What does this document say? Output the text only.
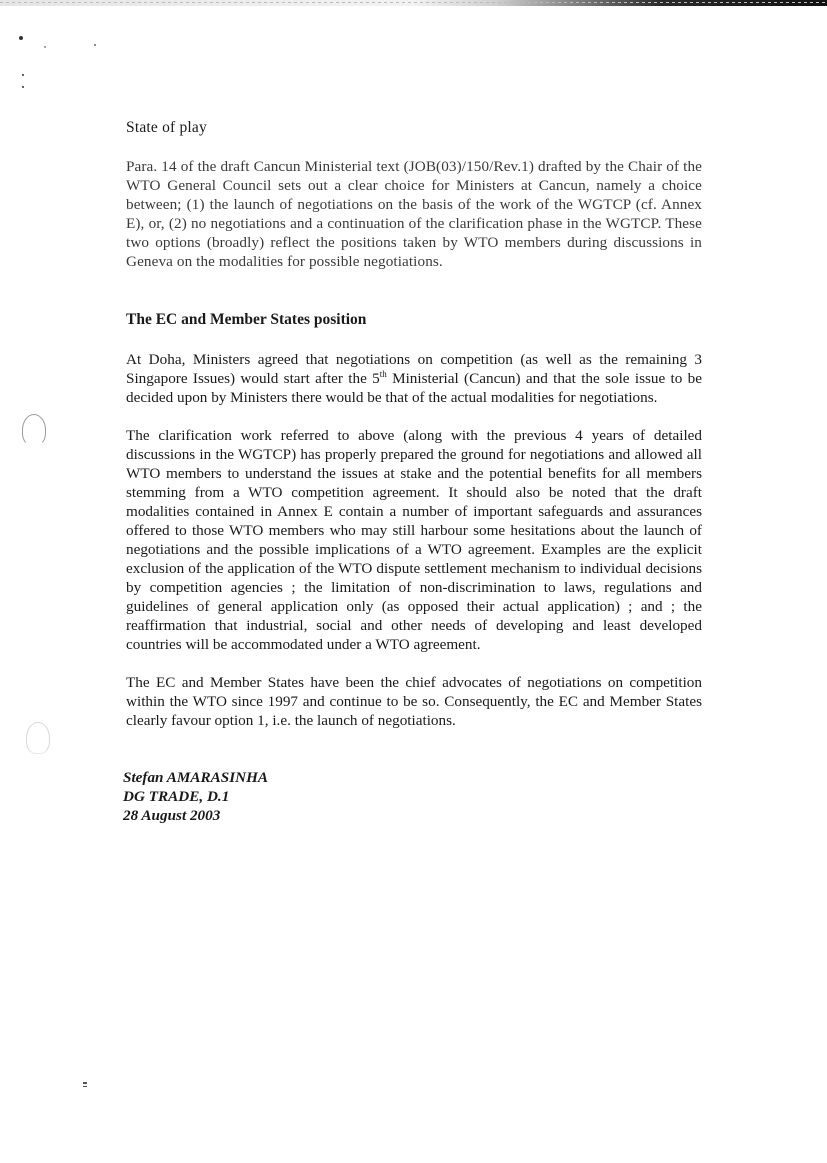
State of play

Para. 14 of the draft Cancun Ministerial text (JOB(03)/150/Rev.1) drafted by the Chair of the WTO General Council sets out a clear choice for Ministers at Cancun, namely a choice between; (1) the launch of negotiations on the basis of the work of the WGTCP (cf. Annex E), or, (2) no negotiations and a continuation of the clarification phase in the WGTCP. These two options (broadly) reflect the positions taken by WTO members during discussions in Geneva on the modalities for possible negotiations.

The EC and Member States position

At Doha, Ministers agreed that negotiations on competition (as well as the remaining 3 Singapore Issues) would start after the 5th Ministerial (Cancun) and that the sole issue to be decided upon by Ministers there would be that of the actual modalities for negotiations.

The clarification work referred to above (along with the previous 4 years of detailed discussions in the WGTCP) has properly prepared the ground for negotiations and allowed all WTO members to understand the issues at stake and the potential benefits for all members stemming from a WTO competition agreement. It should also be noted that the draft modalities contained in Annex E contain a number of important safeguards and assurances offered to those WTO members who may still harbour some hesitations about the launch of negotiations and the possible implications of a WTO agreement. Examples are the explicit exclusion of the application of the WTO dispute settlement mechanism to individual decisions by competition agencies ; the limitation of non-discrimination to laws, regulations and guidelines of general application only (as opposed their actual application) ; and ; the reaffirmation that industrial, social and other needs of developing and least developed countries will be accommodated under a WTO agreement.

The EC and Member States have been the chief advocates of negotiations on competition within the WTO since 1997 and continue to be so. Consequently, the EC and Member States clearly favour option 1, i.e. the launch of negotiations.

Stefan AMARASINHA
DG TRADE, D.1
28 August 2003
